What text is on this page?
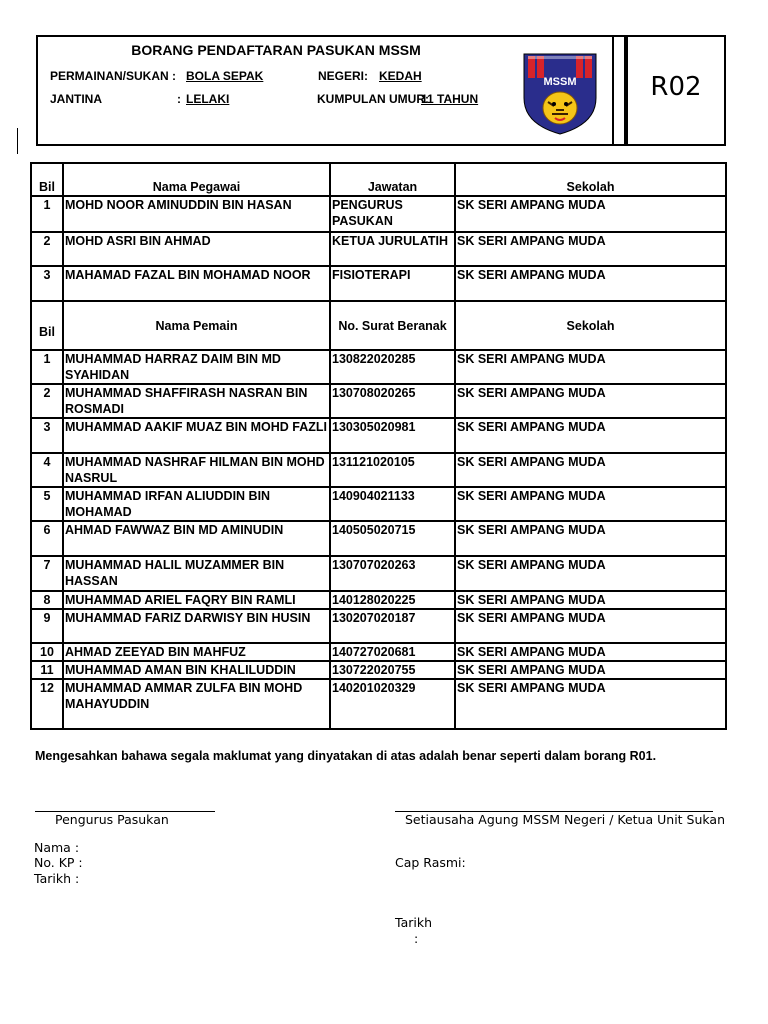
BORANG PENDAFTARAN PASUKAN MSSM
PERMAINAN/SUKAN : BOLA SEPAK	NEGERI: KEDAH
JANTINA	: LELAKI	KUMPULAN UMUR:
11 TAHUN
MSSM	R02
Bil	Nama Pegawai	Jawatan	Sekolah
1	MOHD NOOR AMINUDDIN BIN HASAN	PENGURUS PASUKAN	SK SERI AMPANG MUDA
2	MOHD ASRI BIN AHMAD	KETUA JURULATIH	SK SERI AMPANG MUDA
3	MAHAMAD FAZAL BIN MOHAMAD NOOR	FISIOTERAPI	SK SERI AMPANG MUDA
Bil	Nama Pemain	No. Surat Beranak	Sekolah
1	MUHAMMAD HARRAZ DAIM BIN MD SYAHIDAN	130822020285	SK SERI AMPANG MUDA
2	MUHAMMAD SHAFFIRASH NASRAN BIN ROSMADI	130708020265	SK SERI AMPANG MUDA
3	MUHAMMAD AAKIF MUAZ BIN MOHD FAZLI	130305020981	SK SERI AMPANG MUDA
4	MUHAMMAD NASHRAF HILMAN BIN MOHD NASRUL	131121020105	SK SERI AMPANG MUDA
5	MUHAMMAD IRFAN ALIUDDIN BIN MOHAMAD	140904021133	SK SERI AMPANG MUDA
6	AHMAD FAWWAZ BIN MD AMINUDIN	140505020715	SK SERI AMPANG MUDA
7	MUHAMMAD HALIL MUZAMMER BIN HASSAN	130707020263	SK SERI AMPANG MUDA
8	MUHAMMAD ARIEL FAQRY BIN RAMLI	140128020225	SK SERI AMPANG MUDA
9	MUHAMMAD FARIZ DARWISY BIN HUSIN	130207020187	SK SERI AMPANG MUDA
10	AHMAD ZEEYAD BIN MAHFUZ	140727020681	SK SERI AMPANG MUDA
11	MUHAMMAD AMAN BIN KHALILUDDIN	130722020755	SK SERI AMPANG MUDA
12	MUHAMMAD AMMAR ZULFA BIN MOHD MAHAYUDDIN	140201020329	SK SERI AMPANG MUDA
Mengesahkan bahawa segala maklumat yang dinyatakan di atas adalah benar seperti dalam borang R01.
Pengurus Pasukan
Nama :
No. KP :
Tarikh :
Setiausaha Agung MSSM Negeri / Ketua Unit Sukan
Cap Rasmi:
Tarikh
:
